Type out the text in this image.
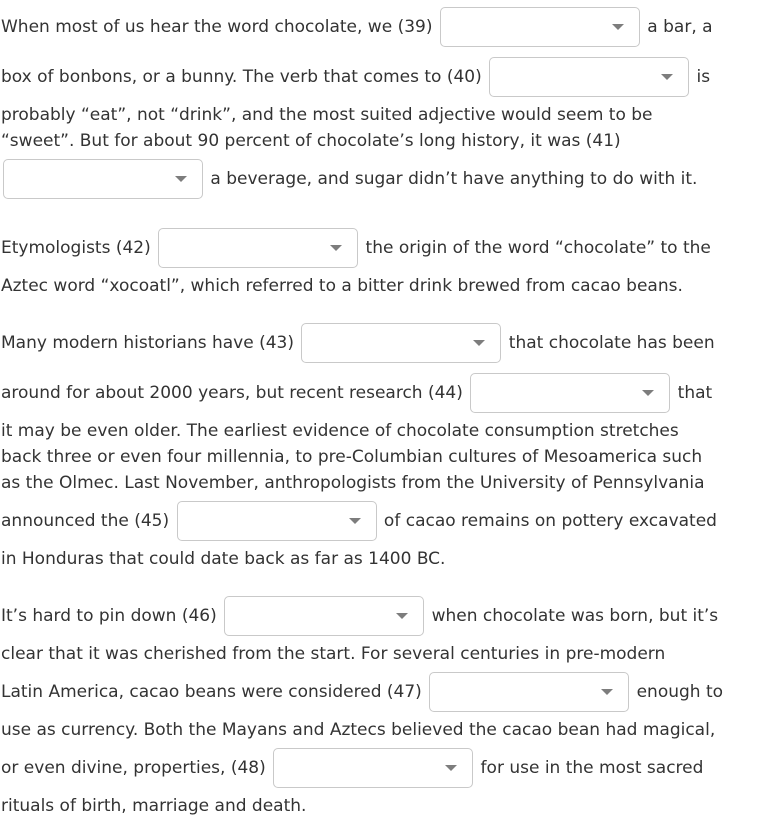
When most of us hear the word chocolate, we (39)	a bar, a
box of bonbons, or a bunny. The verb that comes to (40)	is
probably “eat”, not “drink”, and the most suited adjective would seem to be
“sweet”. But for about 90 percent of chocolate’s long history, it was (41)
a beverage, and sugar didn’t have anything to do with it.
Etymologists (42)	the origin of the word “chocolate” to the
Aztec word “xocoatl”, which referred to a bitter drink brewed from cacao beans.
Many modern historians have (43)	that chocolate has been
around for about 2000 years, but recent research (44)	that
it may be even older. The earliest evidence of chocolate consumption stretches
back three or even four millennia, to pre-Columbian cultures of Mesoamerica such
as the Olmec. Last November, anthropologists from the University of Pennsylvania
announced the (45)	of cacao remains on pottery excavated
in Honduras that could date back as far as 1400 BC.
It’s hard to pin down (46)	when chocolate was born, but it’s
clear that it was cherished from the start. For several centuries in pre-modern
Latin America, cacao beans were considered (47)	enough to
use as currency. Both the Mayans and Aztecs believed the cacao bean had magical,
or even divine, properties, (48)	for use in the most sacred
rituals of birth, marriage and death.
